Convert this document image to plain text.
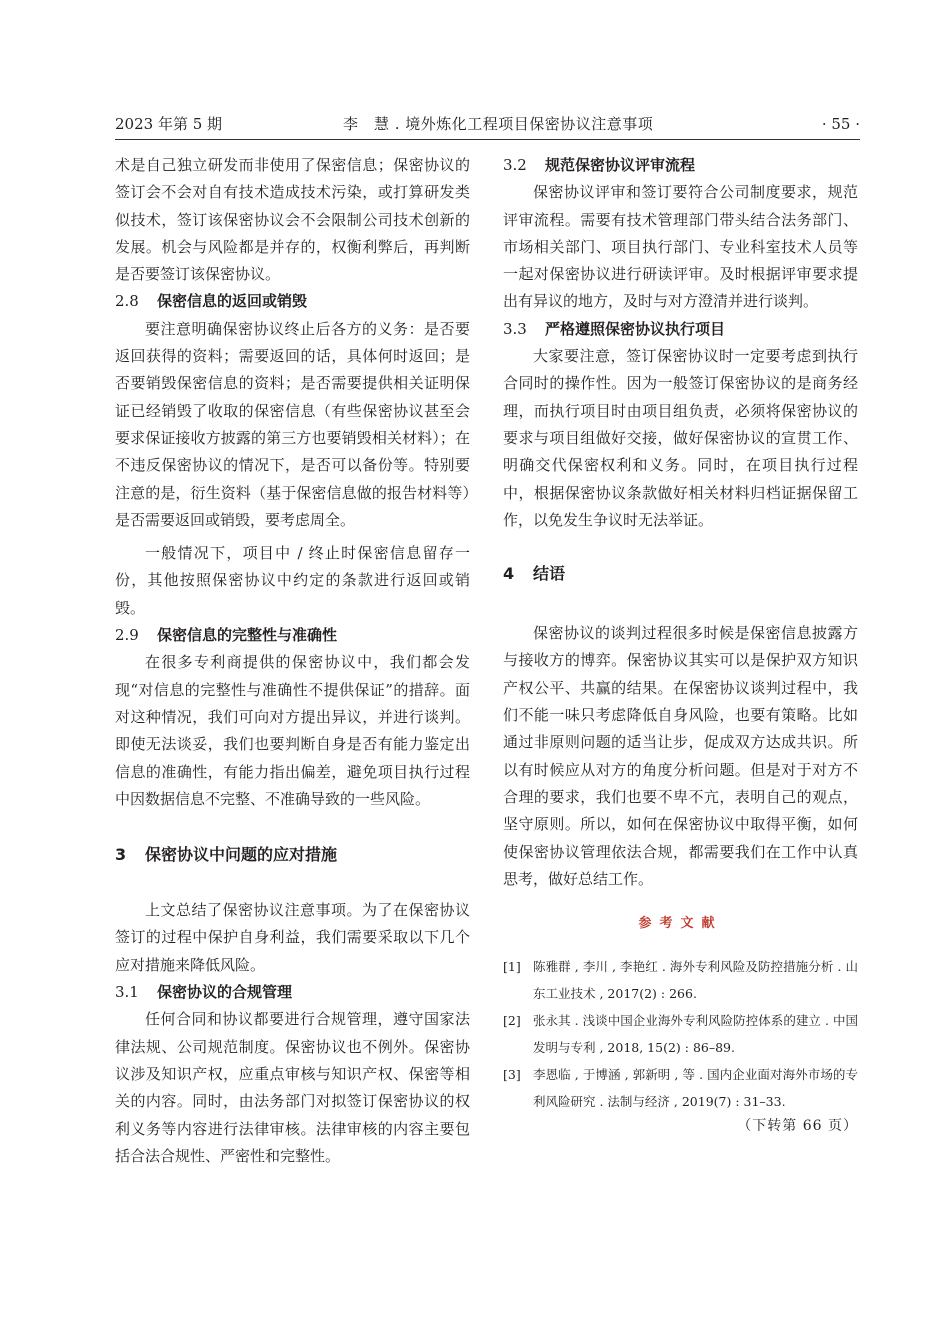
2023 年第 5 期	李　慧 . 境外炼化工程项目保密协议注意事项	· 55 ·

术是自己独立研发而非使用了保密信息；保密协议的签订会不会对自有技术造成技术污染，或打算研发类似技术，签订该保密协议会不会限制公司技术创新的发展。机会与风险都是并存的，权衡利弊后，再判断是否要签订该保密协议。

2.8 保密信息的返回或销毁

要注意明确保密协议终止后各方的义务：是否要返回获得的资料；需要返回的话，具体何时返回；是否要销毁保密信息的资料；是否需要提供相关证明保证已经销毁了收取的保密信息（有些保密协议甚至会要求保证接收方披露的第三方也要销毁相关材料）；在不违反保密协议的情况下，是否可以备份等。特别要注意的是，衍生资料（基于保密信息做的报告材料等）是否需要返回或销毁，要考虑周全。

一般情况下，项目中 / 终止时保密信息留存一份，其他按照保密协议中约定的条款进行返回或销毁。

2.9 保密信息的完整性与准确性

在很多专利商提供的保密协议中，我们都会发现“对信息的完整性与准确性不提供保证”的措辞。面对这种情况，我们可向对方提出异议，并进行谈判。即使无法谈妥，我们也要判断自身是否有能力鉴定出信息的准确性，有能力指出偏差，避免项目执行过程中因数据信息不完整、不准确导致的一些风险。

3 保密协议中问题的应对措施

上文总结了保密协议注意事项。为了在保密协议签订的过程中保护自身利益，我们需要采取以下几个应对措施来降低风险。

3.1 保密协议的合规管理

任何合同和协议都要进行合规管理，遵守国家法律法规、公司规范制度。保密协议也不例外。保密协议涉及知识产权，应重点审核与知识产权、保密等相关的内容。同时，由法务部门对拟签订保密协议的权利义务等内容进行法律审核。法律审核的内容主要包括合法合规性、严密性和完整性。

3.2 规范保密协议评审流程

保密协议评审和签订要符合公司制度要求，规范评审流程。需要有技术管理部门带头结合法务部门、市场相关部门、项目执行部门、专业科室技术人员等一起对保密协议进行研读评审。及时根据评审要求提出有异议的地方，及时与对方澄清并进行谈判。

3.3 严格遵照保密协议执行项目

大家要注意，签订保密协议时一定要考虑到执行合同时的操作性。因为一般签订保密协议的是商务经理，而执行项目时由项目组负责，必须将保密协议的要求与项目组做好交接，做好保密协议的宣贯工作、明确交代保密权利和义务。同时，在项目执行过程中，根据保密协议条款做好相关材料归档证据保留工作，以免发生争议时无法举证。

4 结语

保密协议的谈判过程很多时候是保密信息披露方与接收方的博弈。保密协议其实可以是保护双方知识产权公平、共赢的结果。在保密协议谈判过程中，我们不能一味只考虑降低自身风险，也要有策略。比如通过非原则问题的适当让步，促成双方达成共识。所以有时候应从对方的角度分析问题。但是对于对方不合理的要求，我们也要不卑不亢，表明自己的观点，坚守原则。所以，如何在保密协议中取得平衡，如何使保密协议管理依法合规，都需要我们在工作中认真思考，做好总结工作。

参考文献
[1] 陈雅群 , 李川 , 李艳红 . 海外专利风险及防控措施分析 . 山东工业技术 , 2017(2) : 266.
[2] 张永其 . 浅谈中国企业海外专利风险防控体系的建立 . 中国发明与专利 , 2018, 15(2) : 86–89.
[3] 李恩临 , 于博涵 , 郭新明 , 等 . 国内企业面对海外市场的专利风险研究 . 法制与经济 , 2019(7) : 31–33.
（下转第 66 页）
